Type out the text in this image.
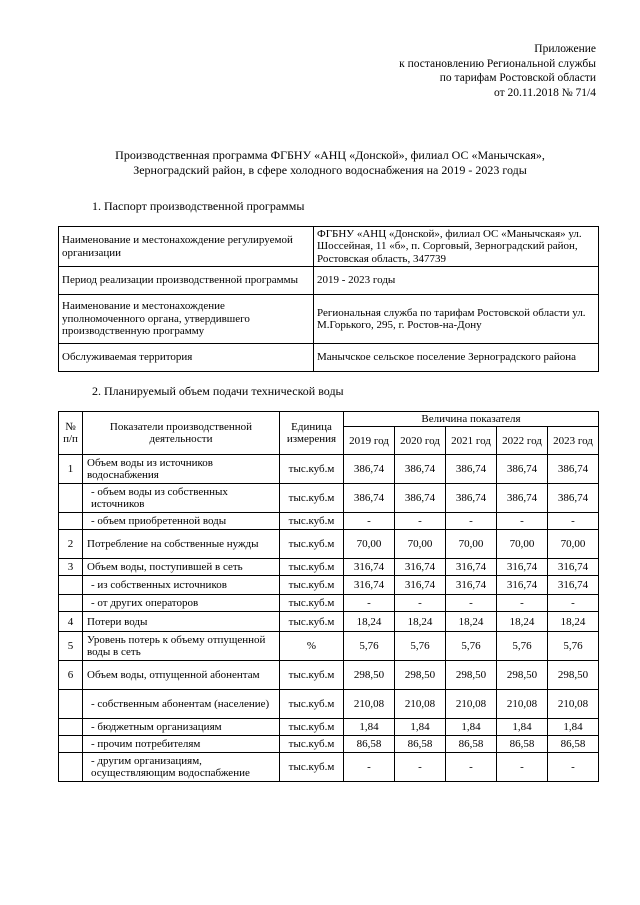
Приложение
к постановлению Региональной службы
по тарифам Ростовской области
от 20.11.2018 № 71/4
Производственная программа ФГБНУ «АНЦ «Донской», филиал ОС «Манычская»,
Зерноградский район, в сфере холодного водоснабжения на 2019 - 2023 годы
1. Паспорт производственной программы
Наименование и местонахождение регулируемой организации	ФГБНУ «АНЦ «Донской», филиал ОС «Манычская» ул. Шоссейная, 11 «б», п. Сорговый, Зерноградский район, Ростовская область, 347739
Период реализации производственной программы	2019 - 2023 годы
Наименование и местонахождение уполномоченного органа, утвердившего производственную программу	Региональная служба по тарифам Ростовской области ул. М.Горького, 295, г. Ростов-на-Дону
Обслуживаемая территория	Манычское сельское поселение Зерноградского района
2. Планируемый объем подачи технической воды
№ п/п	Показатели производственной деятельности	Единица измерения	Величина показателя				
			2019 год	2020 год	2021 год	2022 год	2023 год
1	Объем воды из источников водоснабжения	тыс.куб.м	386,74	386,74	386,74	386,74	386,74
	- объем воды из собственных источников	тыс.куб.м	386,74	386,74	386,74	386,74	386,74
	- объем приобретенной воды	тыс.куб.м	-	-	-	-	-
2	Потребление на собственные нужды	тыс.куб.м	70,00	70,00	70,00	70,00	70,00
3	Объем воды, поступившей в сеть	тыс.куб.м	316,74	316,74	316,74	316,74	316,74
	- из собственных источников	тыс.куб.м	316,74	316,74	316,74	316,74	316,74
	- от других операторов	тыс.куб.м	-	-	-	-	-
4	Потери воды	тыс.куб.м	18,24	18,24	18,24	18,24	18,24
5	Уровень потерь к объему отпущенной воды в сеть	%	5,76	5,76	5,76	5,76	5,76
6	Объем воды, отпущенной абонентам	тыс.куб.м	298,50	298,50	298,50	298,50	298,50
	- собственным абонентам (население)	тыс.куб.м	210,08	210,08	210,08	210,08	210,08
	- бюджетным организациям	тыс.куб.м	1,84	1,84	1,84	1,84	1,84
	- прочим потребителям	тыс.куб.м	86,58	86,58	86,58	86,58	86,58
	- другим организациям, осуществляющим водоспабжение	тыс.куб.м	-	-	-	-	-
